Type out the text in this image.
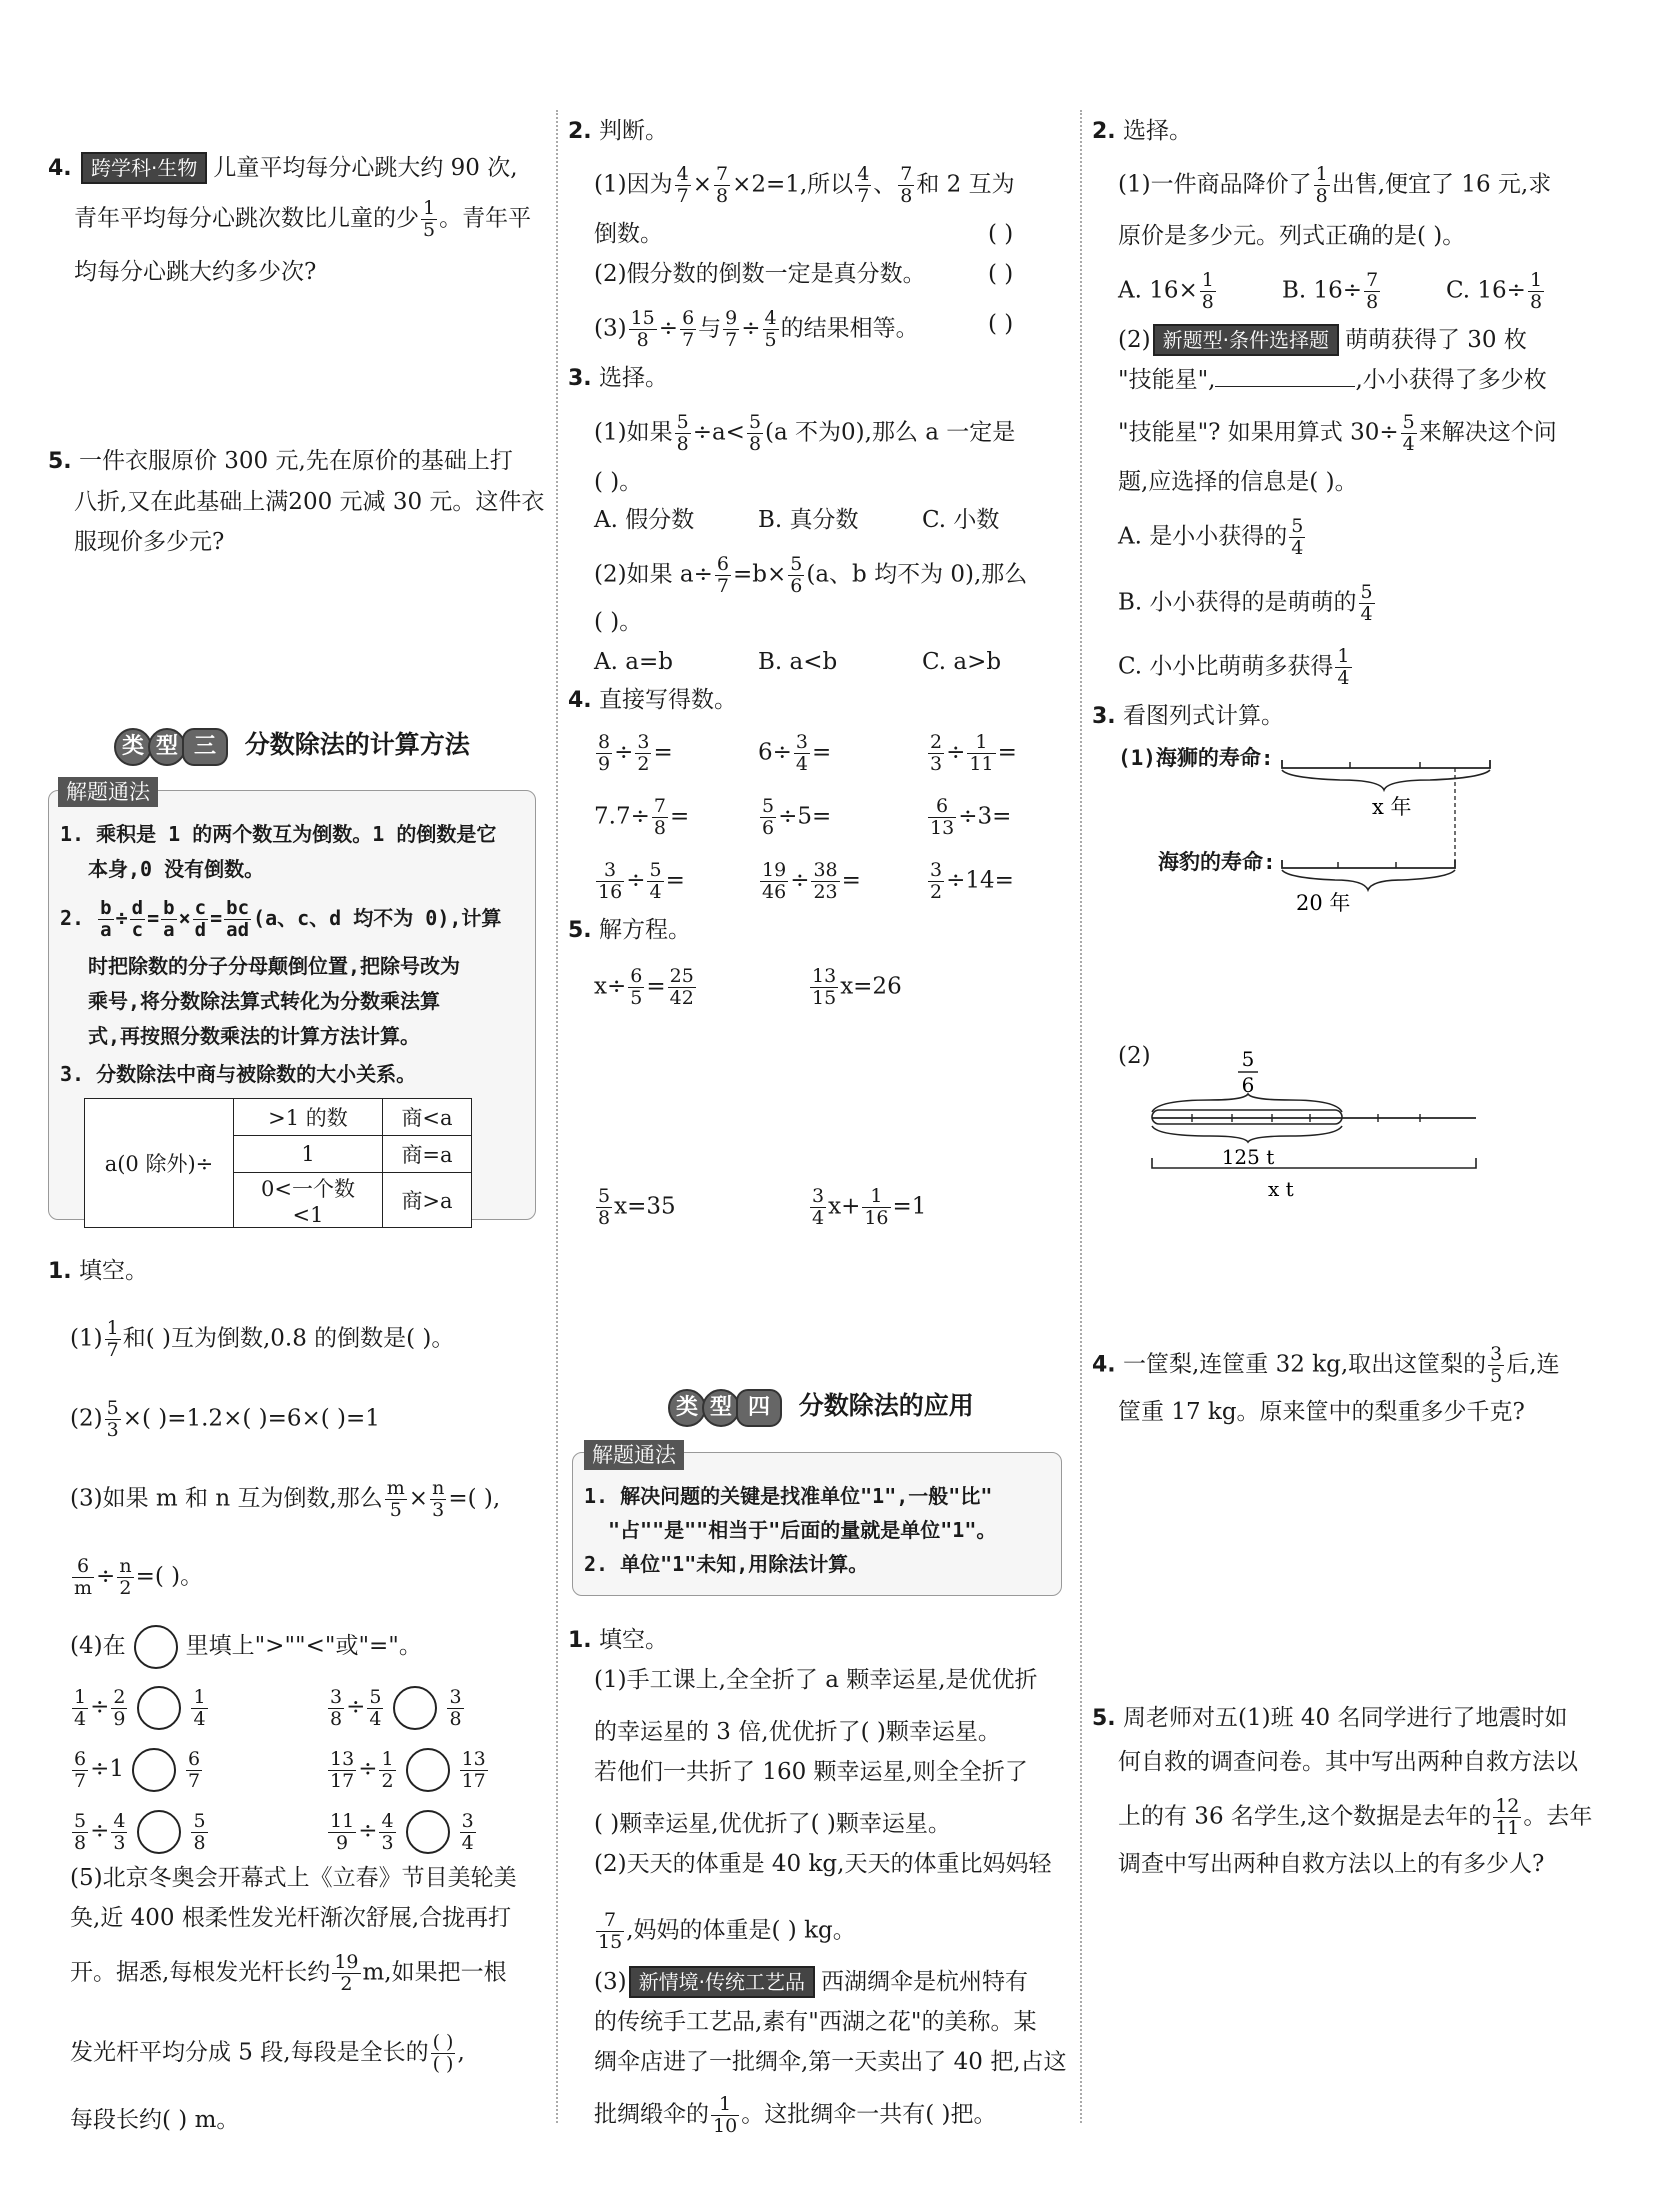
4. 跨学科·生物 儿童平均每分心跳大约 90 次,
青年平均每分心跳次数比儿童的少 $\frac{1}{5}$ 。青年平
均每分心跳大约多少次?
5. 一件衣服原价 300 元,先在原价的基础上打
八折,又在此基础上满200 元减 30 元。这件衣
服现价多少元?
类 型 三 分数除法的计算方法
解题通法
1. 乘积是 1 的两个数互为倒数。1 的倒数是它
本身,0 没有倒数。
2. $\frac{b}{a} \div \frac{d}{c} = \frac{b}{a} \times \frac{c}{d} = \frac{bc}{ad} (a$、c、d 均不为 0),计算
时把除数的分子分母颠倒位置,把除号改为
乘号,将分数除法算式转化为分数乘法算
式,再按照分数乘法的计算方法计算。
3. 分数除法中商与被除数的大小关系。
a(0 除外)÷	>1 的数	商<a
	1	商=a
	0<一个数<1	商>a
1. 填空。
$(1) \frac{1}{7}$ 和( )互为倒数,0.8 的倒数是( )。
$(2) \frac{5}{3}$ ×( )=1.2×( )=6×( )=1
(3)如果 m 和 n 互为倒数,那么 $\frac{m}{5} \times \frac{n}{3}$ =( ),
$\frac{6}{m} \div \frac{n}{2}$ =( )。
(4)在	里填上">""<"或"="。
$\frac{1}{4} \div \frac{2}{9}$	$\frac{1}{4}$	$\frac{3}{8} \div \frac{5}{4}$	$\frac{3}{8}$
$\frac{6}{7} \div 1$	$\frac{6}{7}$	$\frac{13}{17} \div \frac{1}{2}$	$\frac{13}{17}$
$\frac{5}{8} \div \frac{4}{3}$	$\frac{5}{8}$	$\frac{11}{9} \div \frac{4}{3}$	$\frac{3}{4}$
(5)北京冬奥会开幕式上《立春》节目美轮美
奂,近 400 根柔性发光杆渐次舒展,合拢再打
开。据悉,每根发光杆长约 $\frac{19}{2} m$,如果把一根
发光杆平均分成 5 段,每段是全长的 ( )
( ) ,
每段长约( ) m。
2. 判断。
(1)因为 $\frac{4}{7} \times \frac{7}{8} \times 2=1$,所以 $\frac{4}{7}$ 、 $\frac{7}{8}$ 和 2 互为
倒数。	( )
(2)假分数的倒数一定是真分数。	( )
$(3) \frac{15}{8} \div \frac{6}{7}$ 与 $\frac{9}{7} \div \frac{4}{5}$ 的结果相等。	( )
3. 选择。
(1)如果 $\frac{5}{8} \div a< \frac{5}{8} (a$ 不为0),那么 a 一定是
( )。
A. 假分数	B. 真分数	C. 小数
(2)如果 $a\div \frac{6}{7} =b\times \frac{5}{6} (a$、b 均不为 0),那么
( )。
A. a=b	B. a<b	C. a>b
4. 直接写得数。
$\frac{8}{9} \div \frac{3}{2}$ =	$6\div \frac{3}{4}$ =	$\frac{2}{3} \div \frac{1}{11}$ =
$7.7\div \frac{7}{8}$ =	$\frac{5}{6} \div 5=$	$\frac{6}{13} \div 3=$
$\frac{3}{16} \div \frac{5}{4}$ =	$\frac{19}{46} \div \frac{38}{23}$ =	$\frac{3}{2} \div 14=$
5. 解方程。
$x\div \frac{6}{5} = \frac{25}{42}$	$\frac{13}{15} x=26$
$\frac{5}{8} x=35$	$\frac{3}{4} x+ \frac{1}{16} =1$
类 型 四 分数除法的应用
解题通法
1. 解决问题的关键是找准单位"1",一般"比"
"占""是""相当于"后面的量就是单位"1"。
2. 单位"1"未知,用除法计算。
1. 填空。
(1)手工课上,全全折了 a 颗幸运星,是优优折
的幸运星的 3 倍,优优折了( )颗幸运星。
若他们一共折了 160 颗幸运星,则全全折了
( )颗幸运星,优优折了( )颗幸运星。
(2)天天的体重是 40 kg,天天的体重比妈妈轻
$\frac{7}{15}$ ,妈妈的体重是( ) kg。
(3) 新情境·传统工艺品 西湖绸伞是杭州特有
的传统手工艺品,素有"西湖之花"的美称。某
绸伞店进了一批绸伞,第一天卖出了 40 把,占这
批绸缎伞的 $\frac{1}{10}$ 。这批绸伞一共有( )把。
2. 选择。
(1)一件商品降价了 $\frac{1}{8}$ 出售,便宜了 16 元,求
原价是多少元。列式正确的是( )。
A. $16\times \frac{1}{8}$	B. $16\div \frac{7}{8}$	C. $16\div \frac{1}{8}$
(2) 新题型·条件选择题 萌萌获得了 30 枚
"技能星",	,小小获得了多少枚
"技能星"? 如果用算式 $30\div \frac{5}{4}$ 来解决这个问
题,应选择的信息是( )。
A. 是小小获得的 $\frac{5}{4}$
B. 小小获得的是萌萌的 $\frac{5}{4}$
C. 小小比萌萌多获得 $\frac{1}{4}$
3. 看图列式计算。
(1)海狮的寿命:
海豹的寿命:
x 年
20 年
(2)	5
6
125 t
x t
4. 一筐梨,连筐重 32 kg,取出这筐梨的 $\frac{3}{5}$ 后,连
筐重 17 kg。原来筐中的梨重多少千克?
5. 周老师对五(1)班 40 名同学进行了地震时如
何自救的调查问卷。其中写出两种自救方法以
上的有 36 名学生,这个数据是去年的 $\frac{12}{11}$ 。去年
调查中写出两种自救方法以上的有多少人?
